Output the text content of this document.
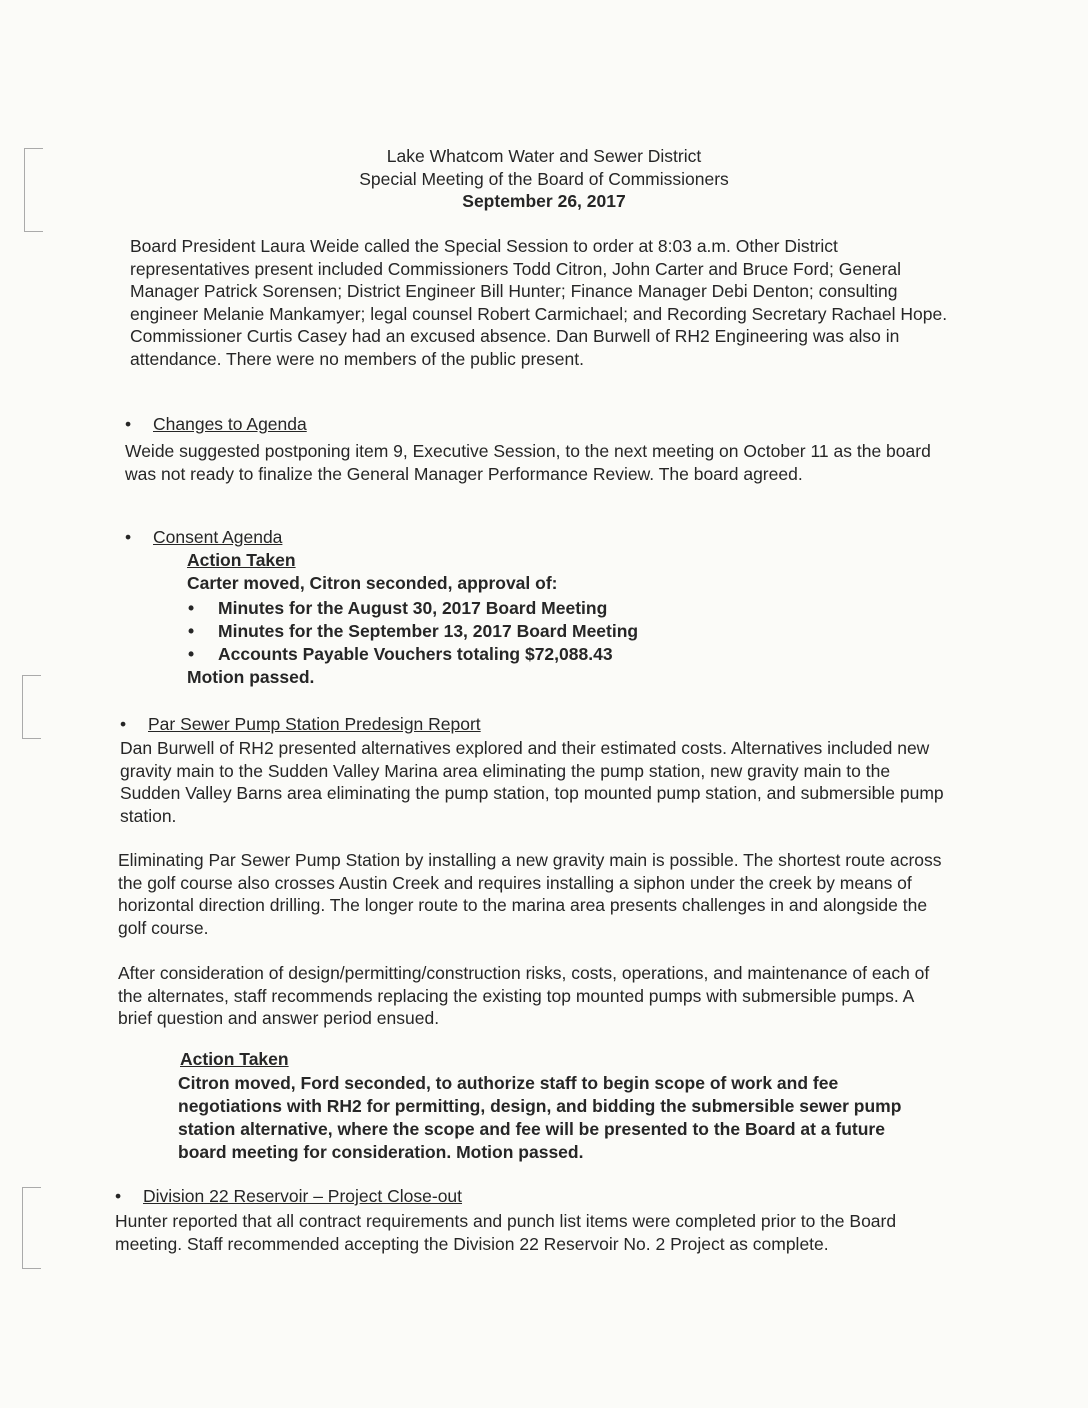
Lake Whatcom Water and Sewer District
Special Meeting of the Board of Commissioners
September 26, 2017

Board President Laura Weide called the Special Session to order at 8:03 a.m. Other District representatives present included Commissioners Todd Citron, John Carter and Bruce Ford; General Manager Patrick Sorensen; District Engineer Bill Hunter; Finance Manager Debi Denton; consulting engineer Melanie Mankamyer; legal counsel Robert Carmichael; and Recording Secretary Rachael Hope. Commissioner Curtis Casey had an excused absence. Dan Burwell of RH2 Engineering was also in attendance. There were no members of the public present.

• Changes to Agenda

Weide suggested postponing item 9, Executive Session, to the next meeting on October 11 as the board was not ready to finalize the General Manager Performance Review. The board agreed.

• Consent Agenda
Action Taken
Carter moved, Citron seconded, approval of:
• Minutes for the August 30, 2017 Board Meeting
• Minutes for the September 13, 2017 Board Meeting
• Accounts Payable Vouchers totaling $72,088.43
Motion passed.
• Par Sewer Pump Station Predesign Report

Dan Burwell of RH2 presented alternatives explored and their estimated costs. Alternatives included new gravity main to the Sudden Valley Marina area eliminating the pump station, new gravity main to the Sudden Valley Barns area eliminating the pump station, top mounted pump station, and submersible pump station.

Eliminating Par Sewer Pump Station by installing a new gravity main is possible. The shortest route across the golf course also crosses Austin Creek and requires installing a siphon under the creek by means of horizontal direction drilling. The longer route to the marina area presents challenges in and alongside the golf course.

After consideration of design/permitting/construction risks, costs, operations, and maintenance of each of the alternates, staff recommends replacing the existing top mounted pumps with submersible pumps. A brief question and answer period ensued.

Action Taken

Citron moved, Ford seconded, to authorize staff to begin scope of work and fee negotiations with RH2 for permitting, design, and bidding the submersible sewer pump station alternative, where the scope and fee will be presented to the Board at a future board meeting for consideration. Motion passed.

• Division 22 Reservoir – Project Close-out

Hunter reported that all contract requirements and punch list items were completed prior to the Board meeting. Staff recommended accepting the Division 22 Reservoir No. 2 Project as complete.
